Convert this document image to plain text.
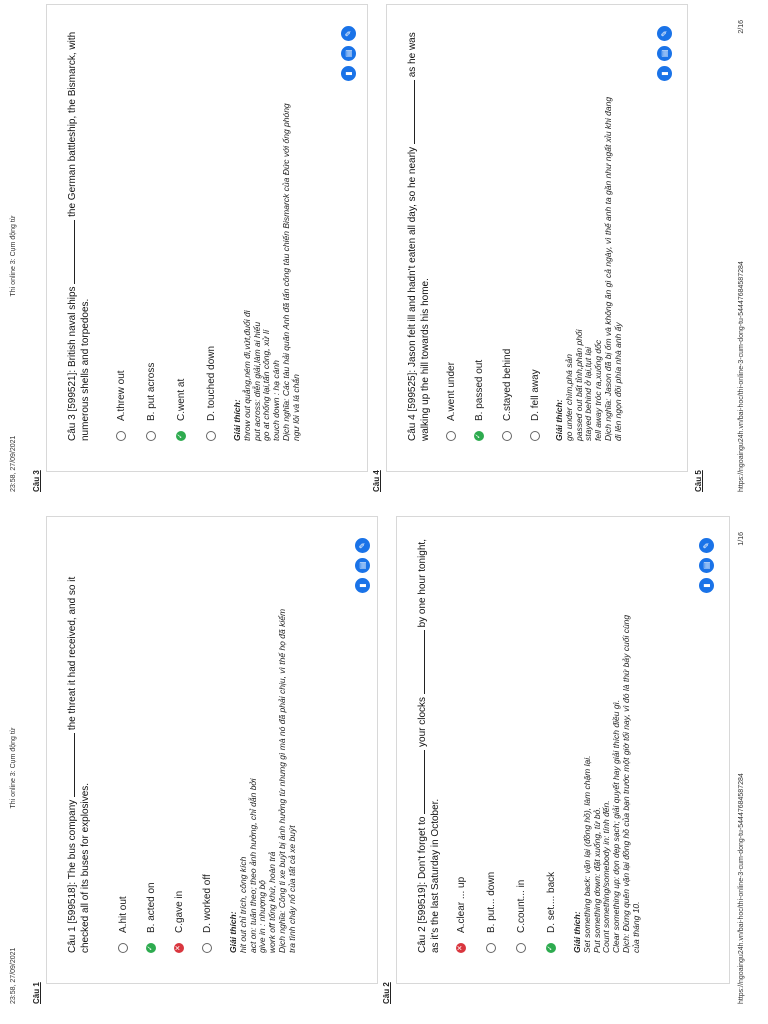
23:58, 27/09/2021
Thi online 3: Cụm động từ
Câu 1
Câu 1 [599518]: The bus company  the threat it had received, and so it checked all of its buses for explosives.	A.hit out
✓
B. acted on
✕
C.gave in D. worked off Giải thích: hit out chỉ trích, công kích act on: tuân theo; theo ảnh hưởng, chỉ dẫn bởi give in : nhượng bộ work off tống khứ, hoàn trả Dịch nghĩa: Công ti xe buýt bị ảnh hưởng từ nhưng gì mà nó đã phải chịu, vì thế họ đã kiểm tra tình cháy nổ của tất cả xe buýt
▮
▤
✎
Câu 2
Câu 2 [599519]: Don't forget to  your clocks  by one hour tonight, as it's the last Saturday in October. ✕
A.clear ... up B. put... down C.count... in
✓
D. set.... back Giải thích: Set something back: vặn lại (đồng hồ), làm chậm lại. Put something down: đặt xuống, từ bỏ. Count something/somebody in: tính đến. Clear something up: dọn dẹp sạch; giải quyết hay giải thích điều gì. Dịch: Đừng quên vặn lại đồng hồ của bạn trước một giờ tối nay, vì đó là thứ bảy cuối cùng của tháng 10.
▮
▤
✎
https://ngoaingu24h.vn/bai-hoc/thi-online-3-cum-dong-tu-54447684587284
1/16
23:58, 27/09/2021
Thi online 3: Cụm động từ
Câu 3
Câu 3 [599521]: British naval ships  the German battleship, the Bismarck, with numerous shells and torpedoes.	A.threw out B. put across
✓
C.went at D. touched down Giải thích: throw out quẳng,ném đi,vứt,đuổi đi put across: diễn giải,làm ai hiểu go at chống lại,tấn công, xử lí touch down : hạ cánh Dịch nghĩa: Các tàu hải quân Anh đã tấn công tàu chiến Bismarck của Đức với ống phóng ngư lôi và lá chắn
▮
▤
✎
Câu 4
Câu 4 [599525]: Jason felt ill and hadn't eaten all day, so he nearly  as he was walking up the hill towards his home. A.went under
✓
B. passed out C.stayed behind D. fell away Giải thích: go under chìm,phá sản passed out bất tỉnh,phân phối stayed behind ở lại,tụt lại fell away tróc ra,xuống dốc Dịch nghĩa: Jason đã bị ốm và không ăn gì cả ngày, vì thế anh ta gần như ngất xỉu khi đang đi lên ngọn đồi phía nhà anh ấy
▮
▤
✎
Câu 5	https://ngoaingu24h.vn/bai-hoc/thi-online-3-cum-dong-tu-54447684587284
2/16
